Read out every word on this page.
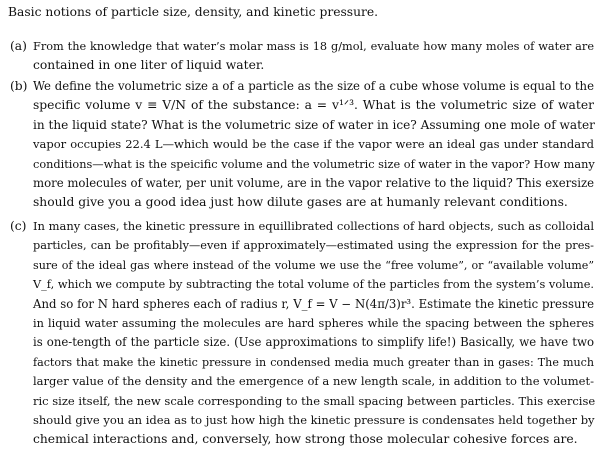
Basic notions of particle size, density, and kinetic pressure.
(a) From the knowledge that water’s molar mass is 18 g/mol, evaluate how many moles of water are
contained in one liter of liquid water.
(b) We define the volumetric size a of a particle as the size of a cube whose volume is equal to the
specific volume v ≡ V/N of the substance: a = v¹ᐟ³. What is the volumetric size of water
in the liquid state? What is the volumetric size of water in ice? Assuming one mole of water
vapor occupies 22.4 L—which would be the case if the vapor were an ideal gas under standard
conditions—what is the speicific volume and the volumetric size of water in the vapor? How many
more molecules of water, per unit volume, are in the vapor relative to the liquid? This exersize
should give you a good idea just how dilute gases are at humanly relevant conditions.
(c) In many cases, the kinetic pressure in equillibrated collections of hard objects, such as colloidal
particles, can be profitably—even if approximately—estimated using the expression for the pres-
sure of the ideal gas where instead of the volume we use the “free volume”, or “available volume”
V_f, which we compute by subtracting the total volume of the particles from the system’s volume.
And so for N hard spheres each of radius r, V_f = V − N(4π/3)r³. Estimate the kinetic pressure
in liquid water assuming the molecules are hard spheres while the spacing between the spheres
is one-tength of the particle size. (Use approximations to simplify life!) Basically, we have two
factors that make the kinetic pressure in condensed media much greater than in gases: The much
larger value of the density and the emergence of a new length scale, in addition to the volumet-
ric size itself, the new scale corresponding to the small spacing between particles. This exercise
should give you an idea as to just how high the kinetic pressure is condensates held together by
chemical interactions and, conversely, how strong those molecular cohesive forces are.
